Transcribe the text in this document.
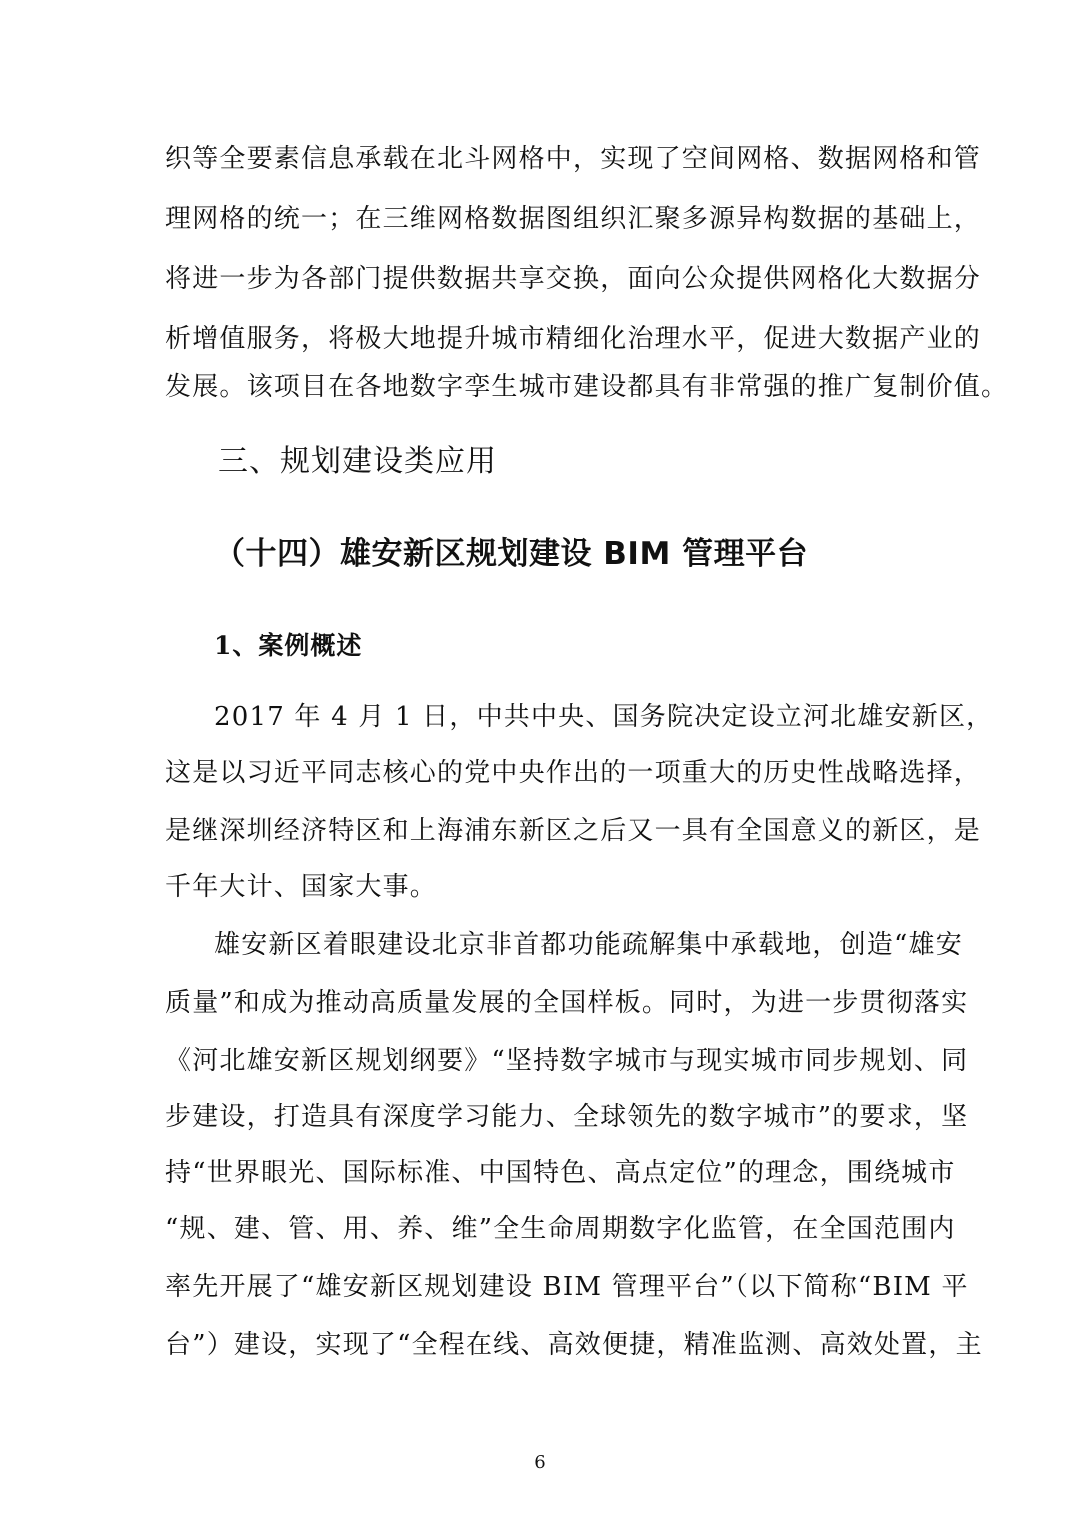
织等全要素信息承载在北斗网格中，实现了空间网格、数据网格和管
理网格的统一；在三维网格数据图组织汇聚多源异构数据的基础上，
将进一步为各部门提供数据共享交换，面向公众提供网格化大数据分
析增值服务，将极大地提升城市精细化治理水平，促进大数据产业的
发展。该项目在各地数字孪生城市建设都具有非常强的推广复制价值。
三、规划建设类应用
（十四）雄安新区规划建设 BIM 管理平台
1、案例概述
2017 年 4 月 1 日，中共中央、国务院决定设立河北雄安新区，
这是以习近平同志核心的党中央作出的一项重大的历史性战略选择，
是继深圳经济特区和上海浦东新区之后又一具有全国意义的新区，是
千年大计、国家大事。
雄安新区着眼建设北京非首都功能疏解集中承载地，创造“雄安
质量”和成为推动高质量发展的全国样板。同时，为进一步贯彻落实
《河北雄安新区规划纲要》“坚持数字城市与现实城市同步规划、同
步建设，打造具有深度学习能力、全球领先的数字城市”的要求，坚
持“世界眼光、国际标准、中国特色、高点定位”的理念，围绕城市
“规、建、管、用、养、维”全生命周期数字化监管，在全国范围内
率先开展了“雄安新区规划建设 BIM 管理平台”（以下简称“BIM 平
台”）建设，实现了“全程在线、高效便捷，精准监测、高效处置，主
6
